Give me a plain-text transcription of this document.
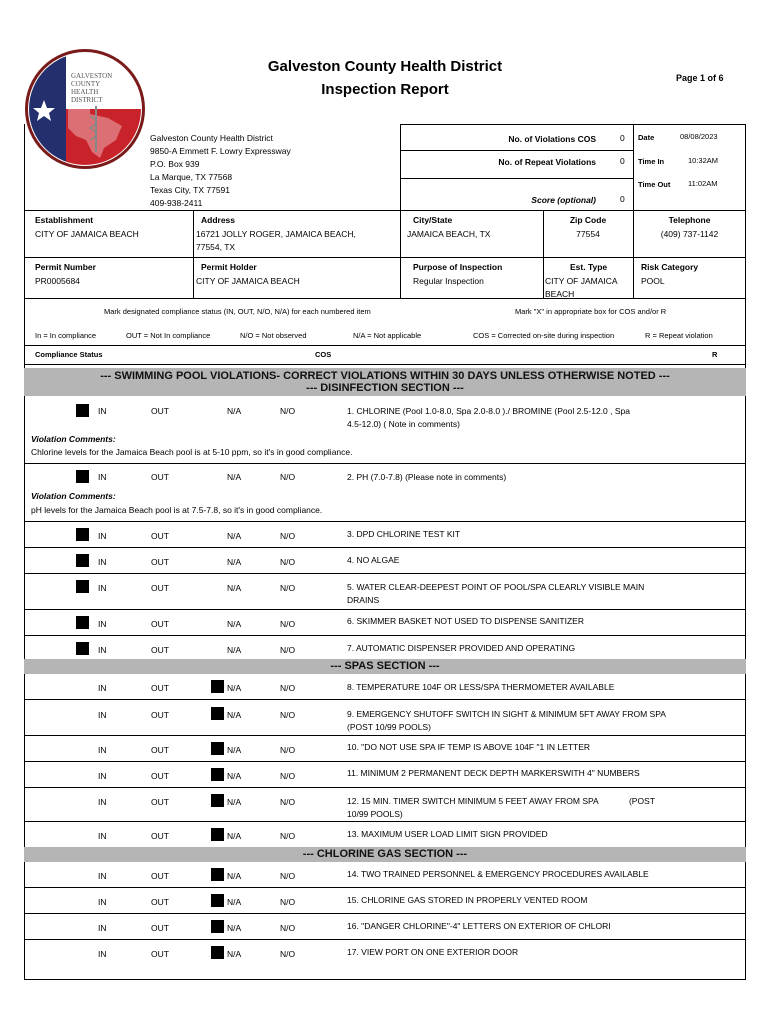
GALVESTON
COUNTY
HEALTH
DISTRICT
Galveston County Health District
Inspection Report
Page 1 of 6
Galveston County Health District
9850-A Emmett F. Lowry Expressway
P.O. Box 939
La Marque, TX 77568
Texas City, TX 77591
409-938-2411
No. of Violations COS	0
No. of Repeat Violations	0
Score (optional)	0
Date	08/08/2023
Time In	10:32AM
Time Out 11:02AM
Establishment
CITY OF JAMAICA BEACH
Address
16721 JOLLY ROGER, JAMAICA BEACH,
77554, TX
City/State
JAMAICA BEACH, TX
Zip Code
77554
Telephone
(409) 737-1142
Permit Number
PR0005684
Permit Holder
CITY OF JAMAICA BEACH
Purpose of Inspection
Regular Inspection
Est. Type
CITY OF JAMAICA
BEACH
Risk Category
POOL
Mark designated compliance status (IN, OUT, N/O, N/A) for each numbered item	Mark "X" in appropriate box for COS and/or R
In = In compliance	OUT = Not In compliance	N/O = Not observed	N/A = Not applicable	COS = Corrected on-site during inspection	R = Repeat violation
Compliance Status	COS	R
--- SWIMMING POOL VIOLATIONS- CORRECT VIOLATIONS WITHIN 30 DAYS UNLESS OTHERWISE NOTED ---
--- DISINFECTION SECTION ---
IN	OUT	N/A	N/O	1. CHLORINE (Pool 1.0-8.0, Spa 2.0-8.0 )./ BROMINE (Pool 2.5-12.0 , Spa
4.5-12.0) ( Note in comments)
Violation Comments:
Chlorine levels for the Jamaica Beach pool is at 5-10 ppm, so it's in good compliance.
IN	OUT	N/A	N/O	2. PH (7.0-7.8) (Please note in comments)
Violation Comments:
pH levels for the Jamaica Beach pool is at 7.5-7.8, so it's in good compliance.
IN	OUT	N/A	N/O	3. DPD CHLORINE TEST KIT
IN	OUT	N/A	N/O	4. NO ALGAE
IN	OUT	N/A	N/O	5. WATER CLEAR-DEEPEST POINT OF POOL/SPA CLEARLY VISIBLE MAIN
DRAINS
IN	OUT	N/A	N/O	6. SKIMMER BASKET NOT USED TO DISPENSE SANITIZER
IN	OUT	N/A	N/O	7. AUTOMATIC DISPENSER PROVIDED AND OPERATING
--- SPAS SECTION ---
IN	OUT	N/A	N/O	8. TEMPERATURE 104F OR LESS/SPA THERMOMETER AVAILABLE
IN	OUT	N/A	N/O	9. EMERGENCY SHUTOFF SWITCH IN SIGHT & MINIMUM 5FT AWAY FROM SPA
(POST 10/99 POOLS)
IN	OUT	N/A	N/O	10. "DO NOT USE SPA IF TEMP IS ABOVE 104F "1 IN LETTER
IN	OUT	N/A	N/O	11. MINIMUM 2 PERMANENT DECK DEPTH MARKERSWITH 4" NUMBERS
IN	OUT	N/A	N/O	12. 15 MIN. TIMER SWITCH MINIMUM 5 FEET AWAY FROM SPA             (POST
10/99 POOLS)
IN	OUT	N/A	N/O	13. MAXIMUM USER LOAD LIMIT SIGN PROVIDED
--- CHLORINE GAS SECTION ---
IN	OUT	N/A	N/O	14. TWO TRAINED PERSONNEL & EMERGENCY PROCEDURES AVAILABLE
IN	OUT	N/A	N/O	15. CHLORINE GAS STORED IN PROPERLY VENTED ROOM
IN	OUT	N/A	N/O	16. "DANGER CHLORINE"-4" LETTERS ON EXTERIOR OF CHLORI
IN	OUT	N/A	N/O	17. VIEW PORT ON ONE EXTERIOR DOOR
